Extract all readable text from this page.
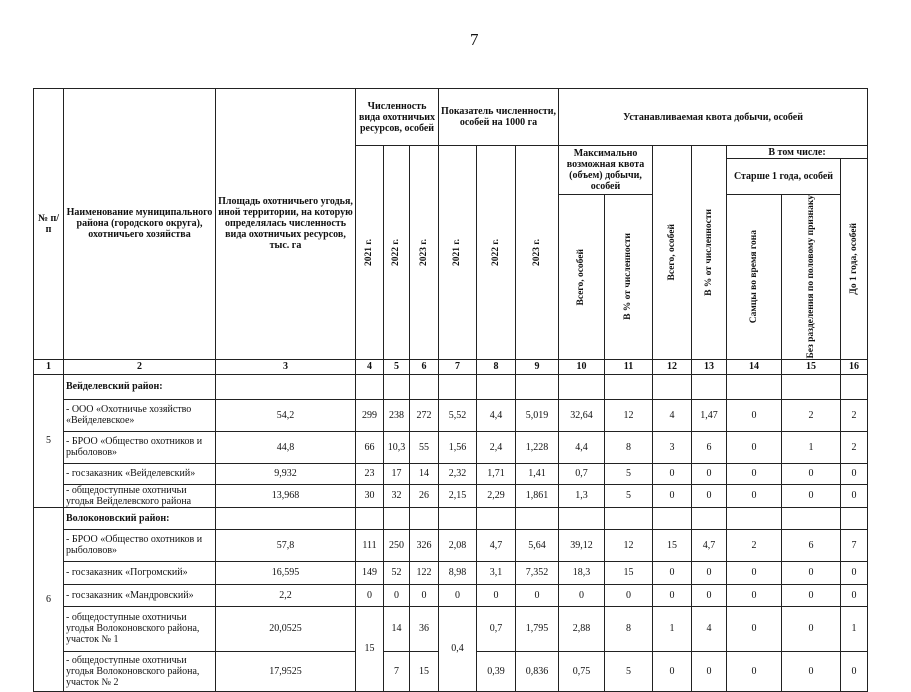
7
№ п/п	Наименование муниципального района (городского округа), охотничьего хозяйства	Площадь охотничьего угодья, иной территории, на которую определялась численность вида охотничьих ресурсов, тыс. га	Численность вида охотничьих ресурсов, особей			Показатель численности, особей на 1000 га			Устанавливаемая квота добычи, особей						

			2021 г.	2022 г.	2023 г.	2021 г.	2022 г.	2023 г.	Максимально возможная квота (объем) добычи, особей		Всего, особей	В % от численности	В том числе:		
													Старше 1 года, особей		До 1 года, особей

									Всего, особей	В % от численности			Самцы во время гона	Без разделения по половому признаку	

1	2	3	4	5	6	7	8	9	10	11	12	13	14	15	16
5	Вейделевский район:														
	- ООО «Охотничье хозяйство «Вейделевское»	54,2	299	238	272	5,52	4,4	5,019	32,64	12	4	1,47	0	2	2
	- БРОО «Общество охотников и рыболовов»	44,8	66	10,3	55	1,56	2,4	1,228	4,4	8	3	6	0	1	2
	- госзаказник «Вейделевский»	9,932	23	17	14	2,32	1,71	1,41	0,7	5	0	0	0	0	0
	- общедоступные охотничьи угодья Вейделевского района	13,968	30	32	26	2,15	2,29	1,861	1,3	5	0	0	0	0	0
6	Волоконовский район:														
	- БРОО «Общество охотников и рыболовов»	57,8	111	250	326	2,08	4,7	5,64	39,12	12	15	4,7	2	6	7
	- госзаказник «Погромский»	16,595	149	52	122	8,98	3,1	7,352	18,3	15	0	0	0	0	0
	- госзаказник «Мандровский»	2,2	0	0	0	0	0	0	0	0	0	0	0	0	0
	- общедоступные охотничьи угодья Волоконовского района, участок № 1	20,0525	15	14	36	0,4	0,7	1,795	2,88	8	1	4	0	0	1
	- общедоступные охотничьи угодья Волоконовского района, участок № 2	17,9525		7	15		0,39	0,836	0,75	5	0	0	0	0	0
